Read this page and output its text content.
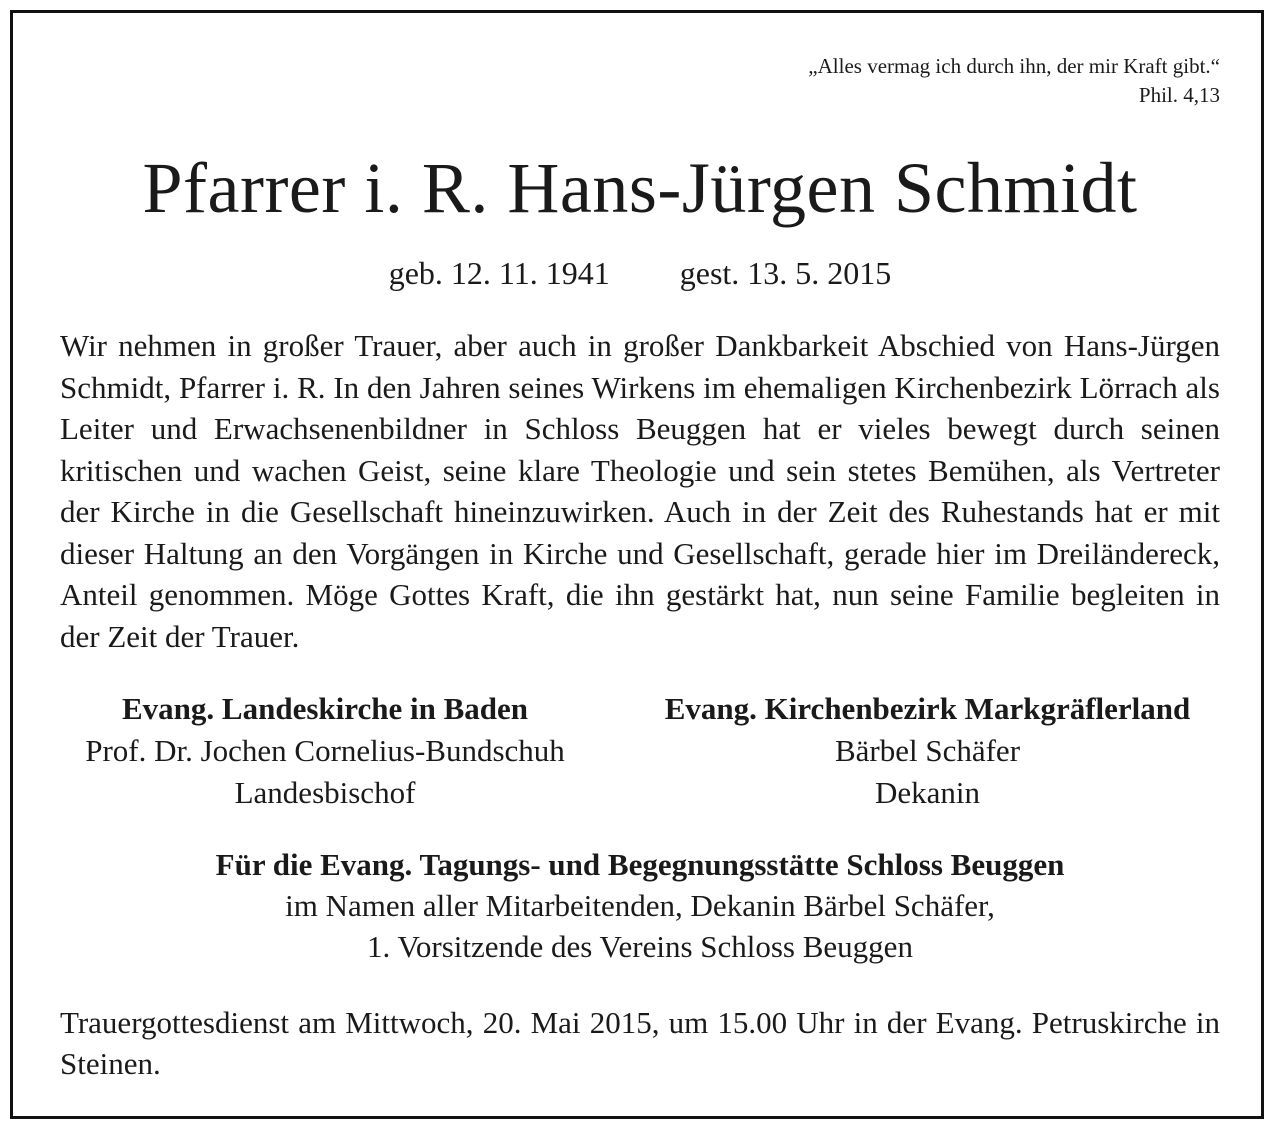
„Alles vermag ich durch ihn, der mir Kraft gibt.“
Phil. 4,13
Pfarrer i. R. Hans-Jürgen Schmidt
geb. 12. 11. 1941 gest. 13. 5. 2015
Wir nehmen in großer Trauer, aber auch in großer Dankbarkeit Abschied von Hans-Jürgen Schmidt, Pfarrer i. R. In den Jahren seines Wirkens im ehemaligen Kirchenbezirk Lörrach als Leiter und Erwachsenenbildner in Schloss Beuggen hat er vieles bewegt durch seinen kritischen und wachen Geist, seine klare Theologie und sein stetes Bemühen, als Vertreter der Kirche in die Gesellschaft hineinzuwirken. Auch in der Zeit des Ruhestands hat er mit dieser Haltung an den Vorgängen in Kirche und Gesellschaft, gerade hier im Dreiländereck, Anteil genommen. Möge Gottes Kraft, die ihn gestärkt hat, nun seine Familie begleiten in der Zeit der Trauer.
Evang. Landeskirche in Baden
Prof. Dr. Jochen Cornelius-Bundschuh
Landesbischof
Evang. Kirchenbezirk Markgräflerland
Bärbel Schäfer
Dekanin
Für die Evang. Tagungs- und Begegnungsstätte Schloss Beuggen
im Namen aller Mitarbeitenden, Dekanin Bärbel Schäfer,
1. Vorsitzende des Vereins Schloss Beuggen
Trauergottesdienst am Mittwoch, 20. Mai 2015, um 15.00 Uhr in der Evang. Petruskirche in Steinen.
